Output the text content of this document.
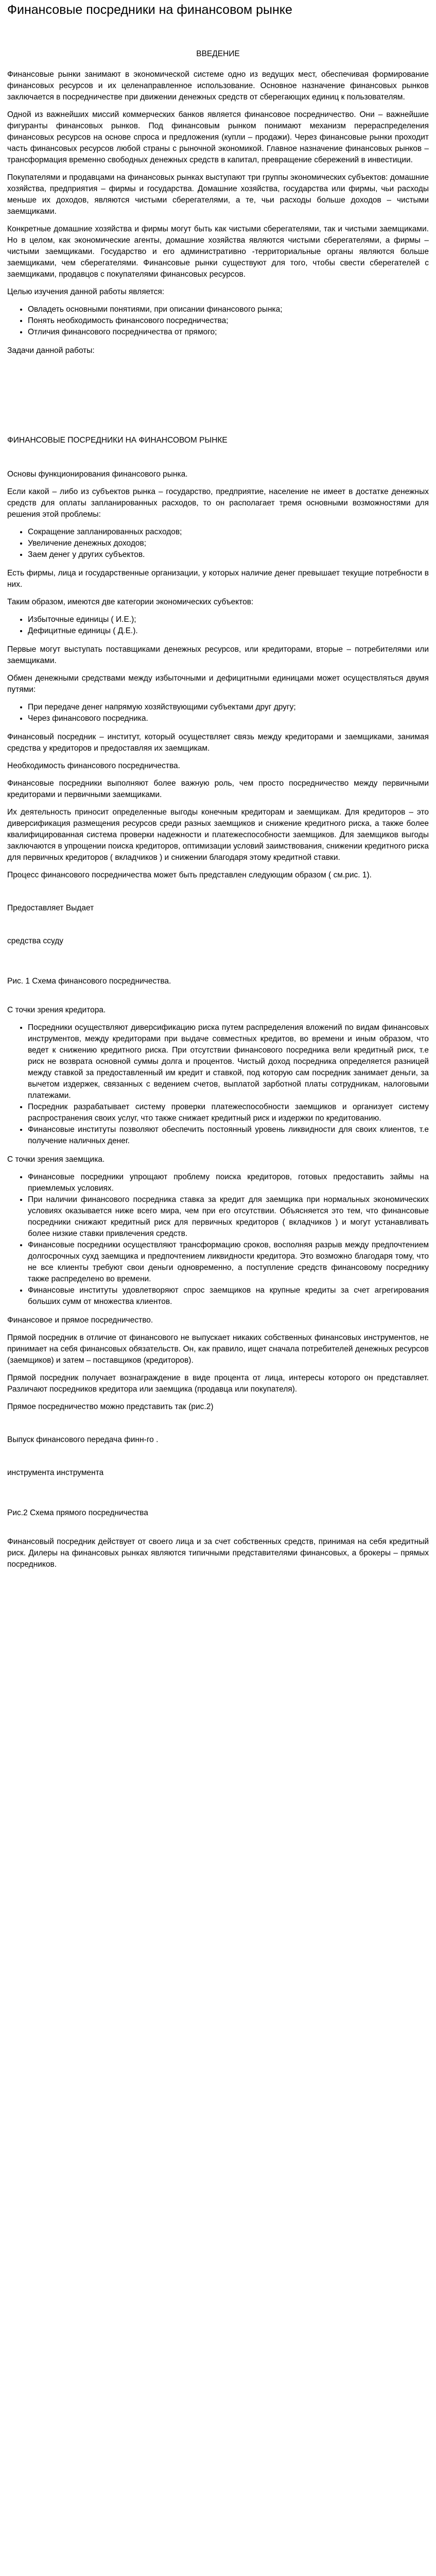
Финансовые посредники на финансовом рынке
ВВЕДЕНИЕ

Финансовые рынки занимают в экономической системе одно из ведущих мест, обеспечивая формирование финансовых ресурсов и их целенаправленное использование. Основное назначение финансовых рынков заключается в посредничестве при движении денежных средств от сберегающих единиц к пользователям.

Одной из важнейших миссий коммерческих банков является финансовое посредничество. Они – важнейшие фигуранты финансовых рынков. Под финансовым рынком понимают механизм перераспределения финансовых ресурсов на основе спроса и предложения (купли – продажи). Через финансовые рынки проходит часть финансовых ресурсов любой страны с рыночной экономикой. Главное назначение финансовых рынков – трансформация временно свободных денежных средств в капитал, превращение сбережений в инвестиции.

Покупателями и продавцами на финансовых рынках выступают три группы экономических субъектов: домашние хозяйства, предприятия – фирмы и государства. Домашние хозяйства, государства или фирмы, чьи расходы меньше их доходов, являются чистыми сберегателями, а те, чьи расходы больше доходов – чистыми заемщиками.

Конкретные домашние хозяйства и фирмы могут быть как чистыми сберегателями, так и чистыми заемщиками. Но в целом, как экономические агенты, домашние хозяйства являются чистыми сберегателями, а фирмы – чистыми заемщиками. Государство и его административно -территориальные органы являются больше заемщиками, чем сберегателями. Финансовые рынки существуют для того, чтобы свести сберегателей с заемщиками, продавцов с покупателями финансовых ресурсов.

Целью изучения данной работы является:

• Овладеть основными понятиями, при описании финансового рынка;
• Понять необходимость финансового посредничества;
• Отличия финансового посредничества от прямого;

Задачи данной работы:

ФИНАНСОВЫЕ ПОСРЕДНИКИ НА ФИНАНСОВОМ РЫНКЕ

Основы функционирования финансового рынка.

Если какой – либо из субъектов рынка – государство, предприятие, население не имеет в достатке денежных средств для оплаты запланированных расходов, то он располагает тремя основными возможностями для решения этой проблемы:

• Сокращение запланированных расходов;
• Увеличение денежных доходов;
• Заем денег у других субъектов.

Есть фирмы, лица и государственные организации, у которых наличие денег превышает текущие потребности в них.

Таким образом, имеются две категории экономических субъектов:

• Избыточные единицы ( И.Е.);
• Дефицитные единицы ( Д.Е.).

Первые могут выступать поставщиками денежных ресурсов, или кредиторами, вторые – потребителями или заемщиками.

Обмен денежными средствами между избыточными и дефицитными единицами может осуществляться двумя путями:

• При передаче денег напрямую хозяйствующими субъектами друг другу;
• Через финансового посредника.

Финансовый посредник – институт, который осуществляет связь между кредиторами и заемщиками, занимая средства у кредиторов и предоставляя их заемщикам.

Необходимость финансового посредничества.

Финансовые посредники выполняют более важную роль, чем просто посредничество между первичными кредиторами и первичными заемщиками.

Их деятельность приносит определенные выгоды конечным кредиторам и заемщикам. Для кредиторов – это диверсификация размещения ресурсов среди разных заемщиков и снижение кредитного риска, а также более квалифицированная система проверки надежности и платежеспособности заемщиков. Для заемщиков выгоды заключаются в упрощении поиска кредиторов, оптимизации условий заимствования, снижении кредитного риска для первичных кредиторов ( вкладчиков ) и снижении благодаря этому кредитной ставки.

Процесс финансового посредничества может быть представлен следующим образом ( см.рис. 1).

Предоставляет Выдает

средства ссуду

Рис. 1 Схема финансового посредничества.

С точки зрения кредитора.

• Посредники осуществляют диверсификацию риска путем распределения вложений по видам финансовых инструментов, между кредиторами при выдаче совместных кредитов, во времени и иным образом, что ведет к снижению кредитного риска. При отсутствии финансового посредника вели кредитный риск, т.е риск не возврата основной суммы долга и процентов. Чистый доход посредника определяется разницей между ставкой за предоставленный им кредит и ставкой, под которую сам посредник занимает деньги, за вычетом издержек, связанных с ведением счетов, выплатой зарботной платы сотрудникам, налоговыми платежами.
• Посредник разрабатывает систему проверки платежеспособности заемщиков и организует систему распространения своих услуг, что также снижает кредитный риск и издержки по кредитованию.
• Финансовые институты позволяют обеспечить постоянный уровень ликвидности для своих клиентов, т.е получение наличных денег.

С точки зрения заемщика.

• Финансовые посредники упрощают проблему поиска кредиторов, готовых предоставить займы на приемлемых условиях.
• При наличии финансового посредника ставка за кредит для заемщика при нормальных экономических условиях оказывается ниже всего мира, чем при его отсутствии. Объясняется это тем, что финансовые посредники снижают кредитный риск для первичных кредиторов ( вкладчиков ) и могут устанавливать более низкие ставки привлечения средств.
• Финансовые посредники осуществляют трансформацию сроков, восполняя разрыв между предпочтением долгосрочных сухд заемщика и предпочтением ликвидности кредитора. Это возможно благодаря тому, что не все клиенты требуют свои деньги одновременно, а поступление средств финансовому посреднику также распределено во времени.
• Финансовые институты удовлетворяют спрос заемщиков на крупные кредиты за счет агрегирования больших сумм от множества клиентов.

Финансовое и прямое посредничество.

Прямой посредник в отличие от финансового не выпускает никаких собственных финансовых инструментов, не принимает на себя финансовых обязательств. Он, как правило, ищет сначала потребителей денежных ресурсов (заемщиков) и затем – поставщиков (кредиторов).

Прямой посредник получает вознаграждение в виде процента от лица, интересы которого он представляет. Различают посредников кредитора или заемщика (продавца или покупателя).

Прямое посредничество можно представить так (рис.2)

Выпуск финансового передача финн-го .

инструмента инструмента

Рис.2 Схема прямого посредничества

Финансовый посредник действует от своего лица и за счет собственных средств, принимая на себя кредитный риск. Дилеры на финансовых рынках являются типичными представителями финансовых, а брокеры – прямых посредников.
